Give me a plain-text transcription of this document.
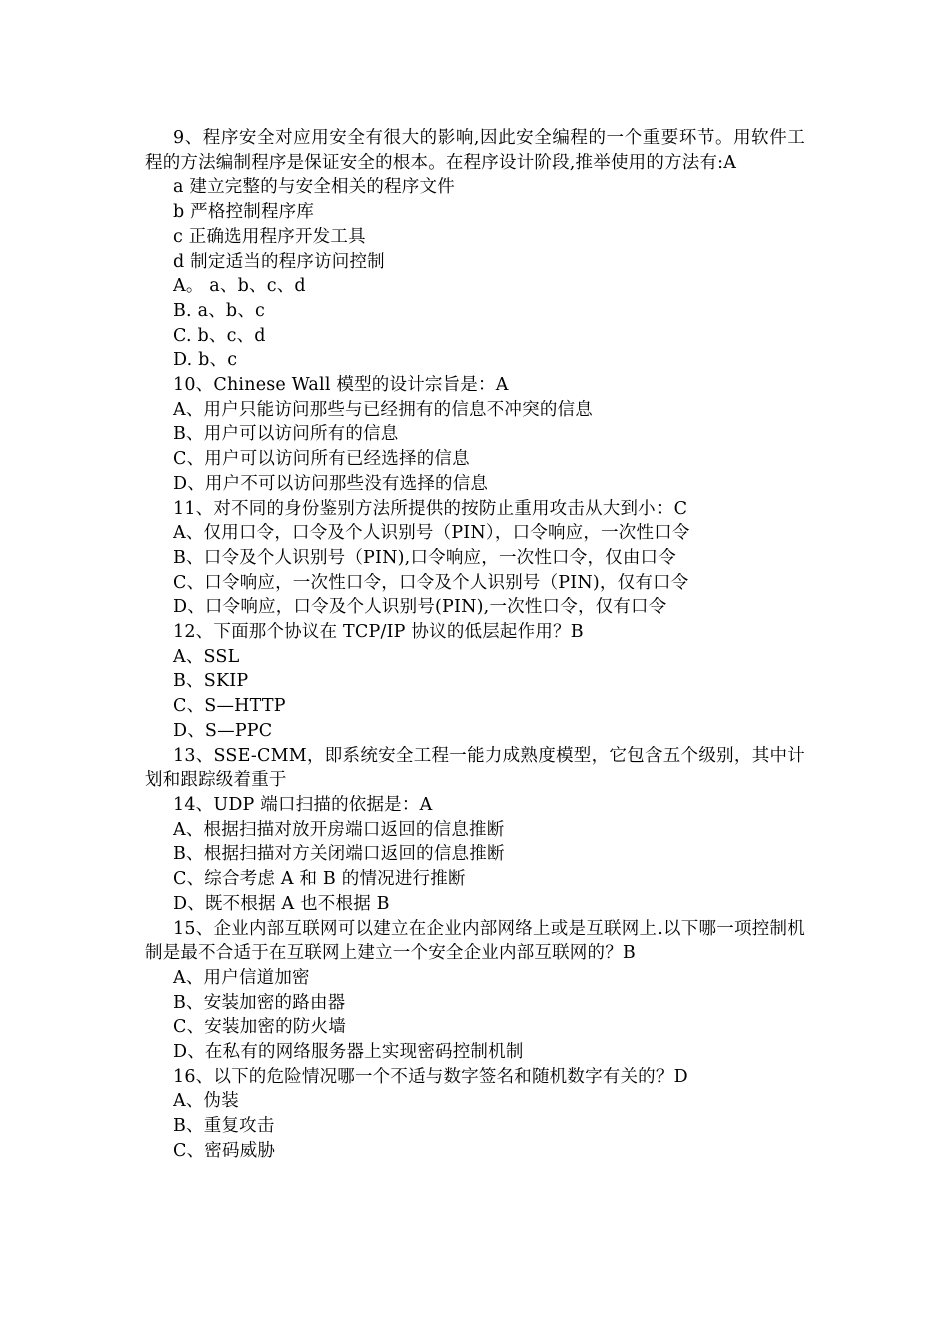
9、程序安全对应用安全有很大的影响,因此安全编程的一个重要环节。用软件工程的方法编制程序是保证安全的根本。在程序设计阶段,推举使用的方法有:A
a 建立完整的与安全相关的程序文件
b 严格控制程序库
c 正确选用程序开发工具
d 制定适当的程序访问控制
A。 a、b、c、d
B. a、b、c
C. b、c、d
D. b、c
10、Chinese Wall 模型的设计宗旨是：A
A、用户只能访问那些与已经拥有的信息不冲突的信息
B、用户可以访问所有的信息
C、用户可以访问所有已经选择的信息
D、用户不可以访问那些没有选择的信息
11、对不同的身份鉴别方法所提供的按防止重用攻击从大到小：C
A、仅用口令，口令及个人识别号（PIN），口令响应，一次性口令
B、口令及个人识别号（PIN),口令响应，一次性口令，仅由口令
C、口令响应，一次性口令，口令及个人识别号（PIN)，仅有口令
D、口令响应，口令及个人识别号(PIN),一次性口令，仅有口令
12、下面那个协议在 TCP/IP 协议的低层起作用？B
A、SSL
B、SKIP
C、S—HTTP
D、S—PPC
13、SSE-CMM，即系统安全工程一能力成熟度模型，它包含五个级别，其中计划和跟踪级着重于
14、UDP 端口扫描的依据是：A
A、根据扫描对放开房端口返回的信息推断
B、根据扫描对方关闭端口返回的信息推断
C、综合考虑 A 和 B 的情况进行推断
D、既不根据 A 也不根据 B
15、企业内部互联网可以建立在企业内部网络上或是互联网上.以下哪一项控制机制是最不合适于在互联网上建立一个安全企业内部互联网的？B
A、用户信道加密
B、安装加密的路由器
C、安装加密的防火墙
D、在私有的网络服务器上实现密码控制机制
16、以下的危险情况哪一个不适与数字签名和随机数字有关的？D
A、伪装
B、重复攻击
C、密码威胁
